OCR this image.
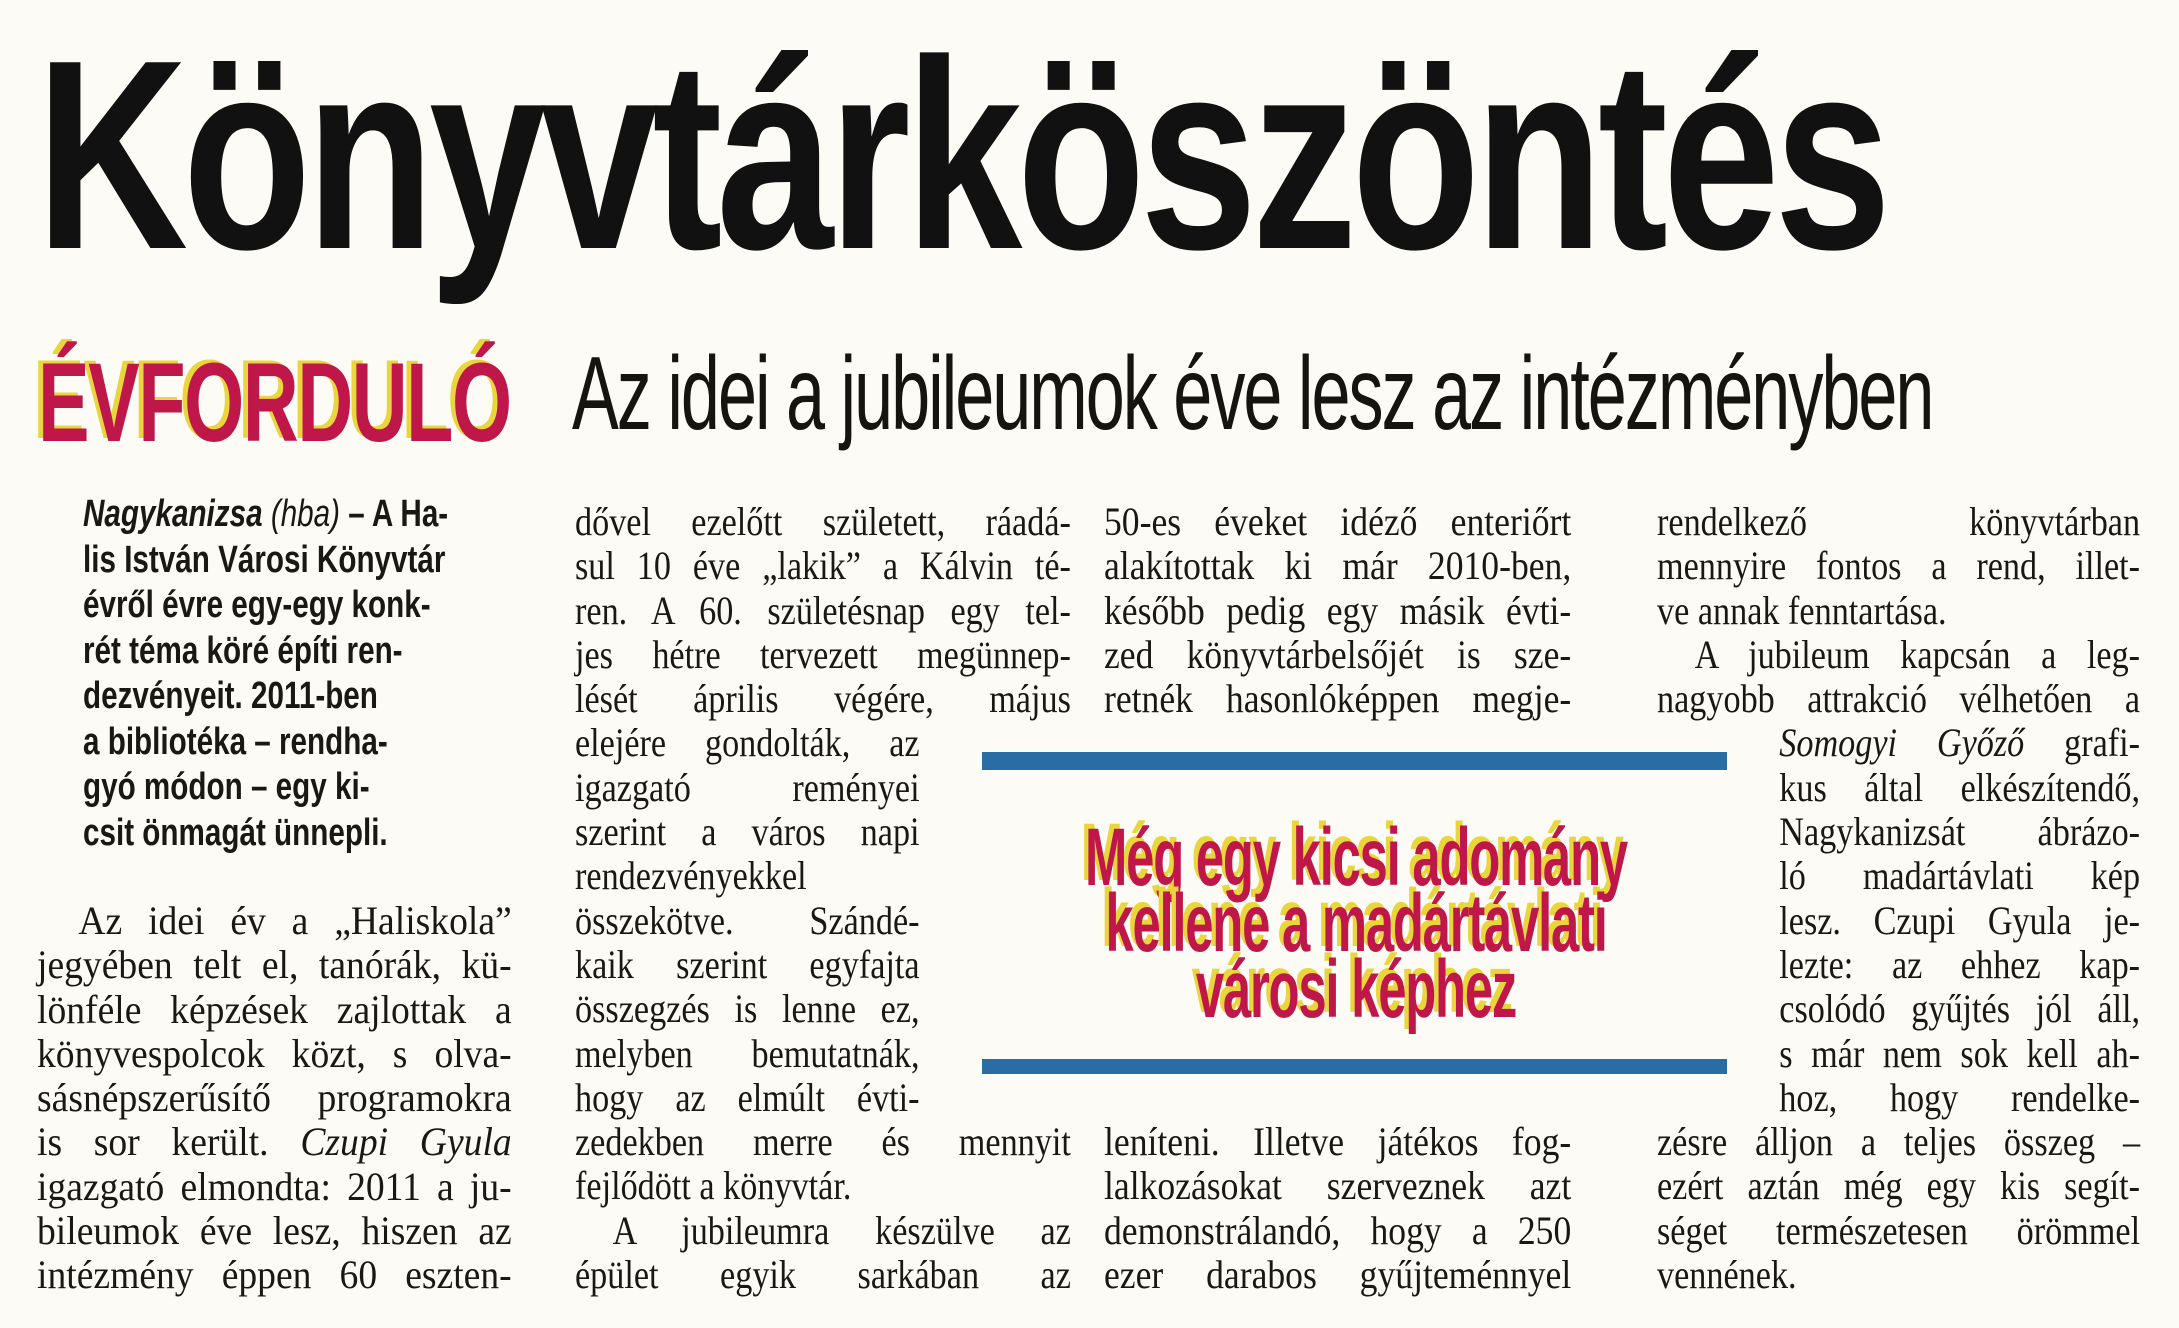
Könyvtárköszöntés
ÉVFORDULÓ Az idei a jubileumok éve lesz az intézményben
Nagykanizsa (hba) – A Ha-
lis István Városi Könyvtár
évről évre egy-egy konk-
rét téma köré építi ren-
dezvényeit. 2011-ben
a bibliotéka – rendha-
gyó módon – egy ki-
csit önmagát ünnepli.
Az idei év a „Haliskola”
jegyében telt el, tanórák, kü-
lönféle képzések zajlottak a
könyvespolcok közt, s olva-
sásnépszerűsítő programokra
is sor került. Czupi Gyula
igazgató elmondta: 2011 a ju-
bileumok éve lesz, hiszen az
intézmény éppen 60 eszten-
dővel ezelőtt született, ráadá-
sul 10 éve „lakik” a Kálvin té-
ren. A 60. születésnap egy tel-
jes hétre tervezett megünnep-
lését április végére, május
elejére gondolták, az
igazgató reményei
szerint a város napi
rendezvényekkel
összekötve. Szándé-
kaik szerint egyfajta
összegzés is lenne ez,
melyben bemutatnák,
hogy az elmúlt évti-
zedekben merre és mennyit
fejlődött a könyvtár.
A jubileumra készülve az
épület egyik sarkában az
50-es éveket idéző enteriőrt
alakítottak ki már 2010-ben,
később pedig egy másik évti-
zed könyvtárbelsőjét is sze-
retnék hasonlóképpen megje-
leníteni. Illetve játékos fog-
lalkozásokat szerveznek azt
demonstrálandó, hogy a 250
ezer darabos gyűjteménnyel
rendelkező könyvtárban
mennyire fontos a rend, illet-
ve annak fenntartása.
A jubileum kapcsán a leg-
nagyobb attrakció vélhetően a
Somogyi Győző grafi-
kus által elkészítendő,
Nagykanizsát ábrázo-
ló madártávlati kép
lesz. Czupi Gyula je-
lezte: az ehhez kap-
csolódó gyűjtés jól áll,
s már nem sok kell ah-
hoz, hogy rendelke-
zésre álljon a teljes összeg –
ezért aztán még egy kis segít-
séget természetesen örömmel
vennének.
Még egy kicsi adomány
kellene a madártávlati
városi képhez
